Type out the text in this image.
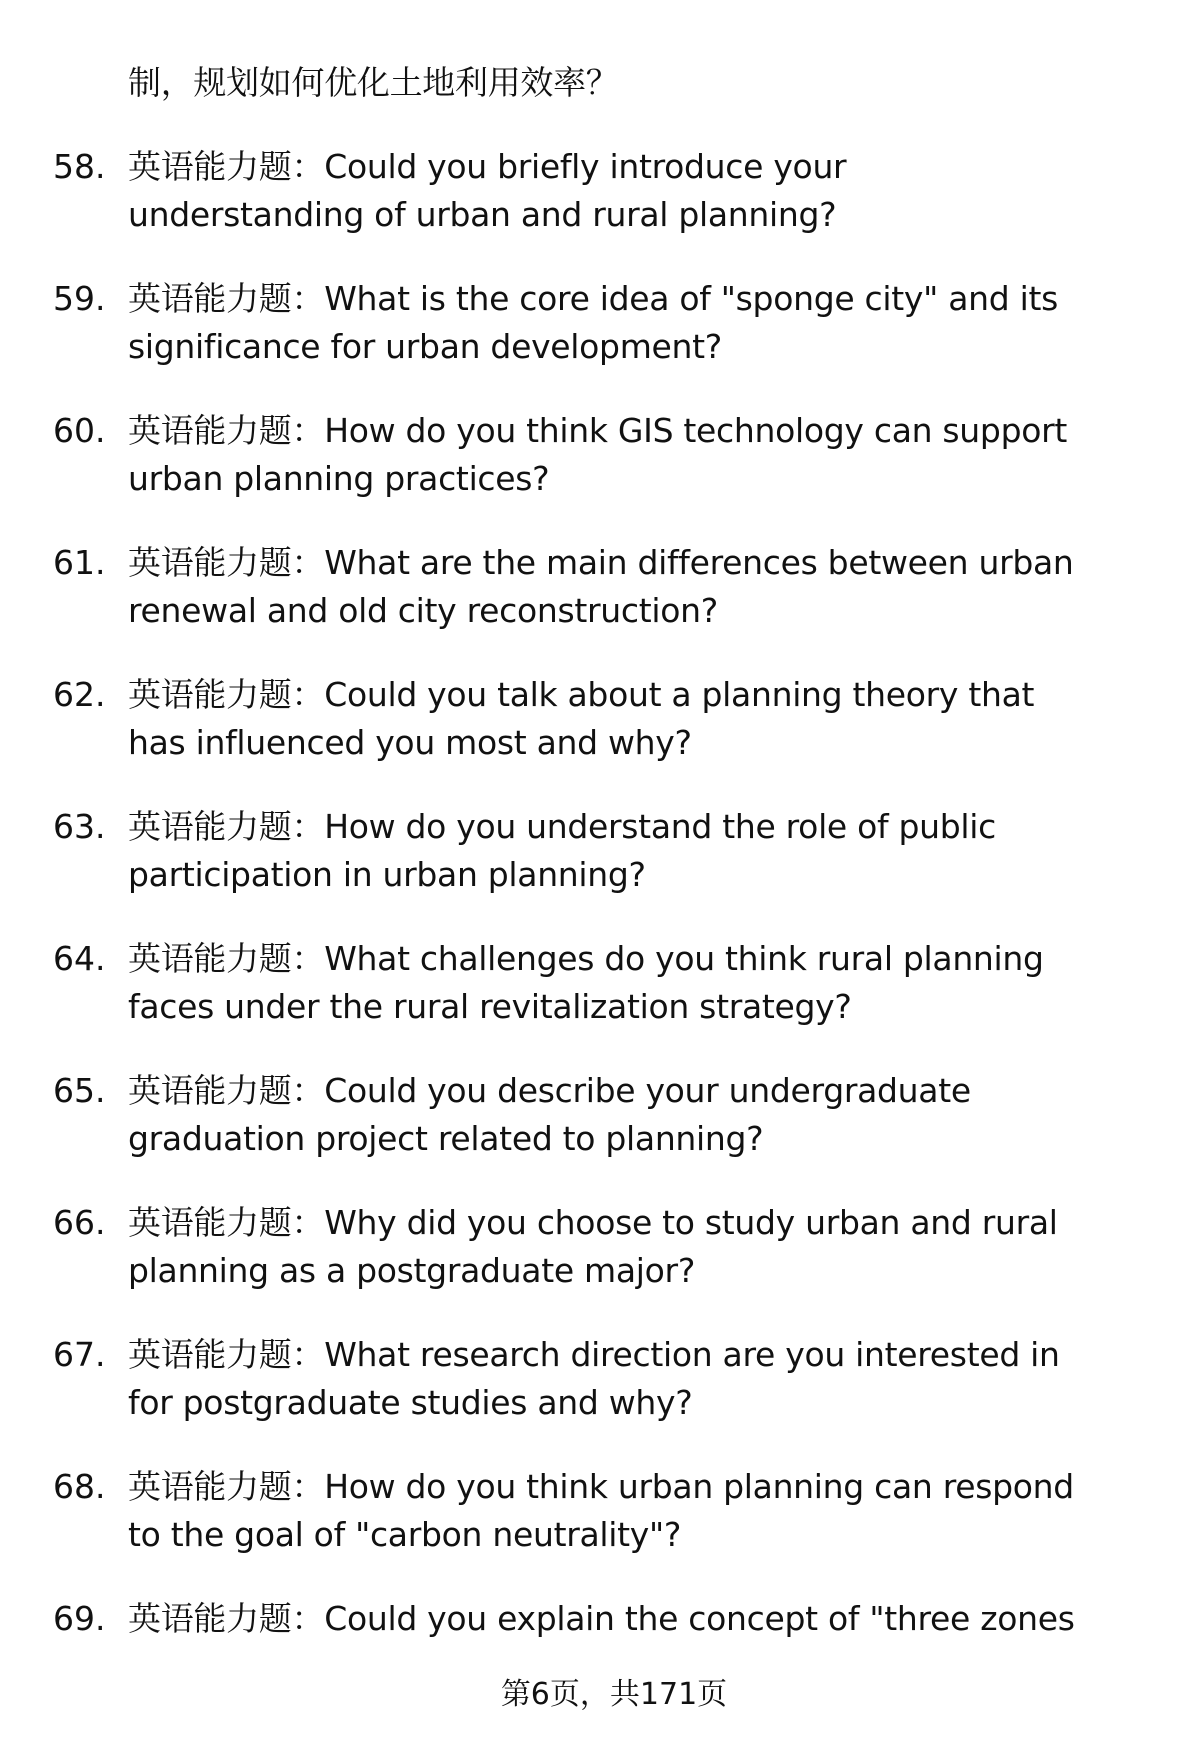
制，规划如何优化土地利用效率？
58. 英语能力题：Could you briefly introduce your
understanding of urban and rural planning?
59. 英语能力题：What is the core idea of "sponge city" and its
significance for urban development?
60. 英语能力题：How do you think GIS technology can support
urban planning practices?
61. 英语能力题：What are the main differences between urban
renewal and old city reconstruction?
62. 英语能力题：Could you talk about a planning theory that
has influenced you most and why?
63. 英语能力题：How do you understand the role of public
participation in urban planning?
64. 英语能力题：What challenges do you think rural planning
faces under the rural revitalization strategy?
65. 英语能力题：Could you describe your undergraduate
graduation project related to planning?
66. 英语能力题：Why did you choose to study urban and rural
planning as a postgraduate major?
67. 英语能力题：What research direction are you interested in
for postgraduate studies and why?
68. 英语能力题：How do you think urban planning can respond
to the goal of "carbon neutrality"?
69. 英语能力题：Could you explain the concept of "three zones
第6页，共171页
